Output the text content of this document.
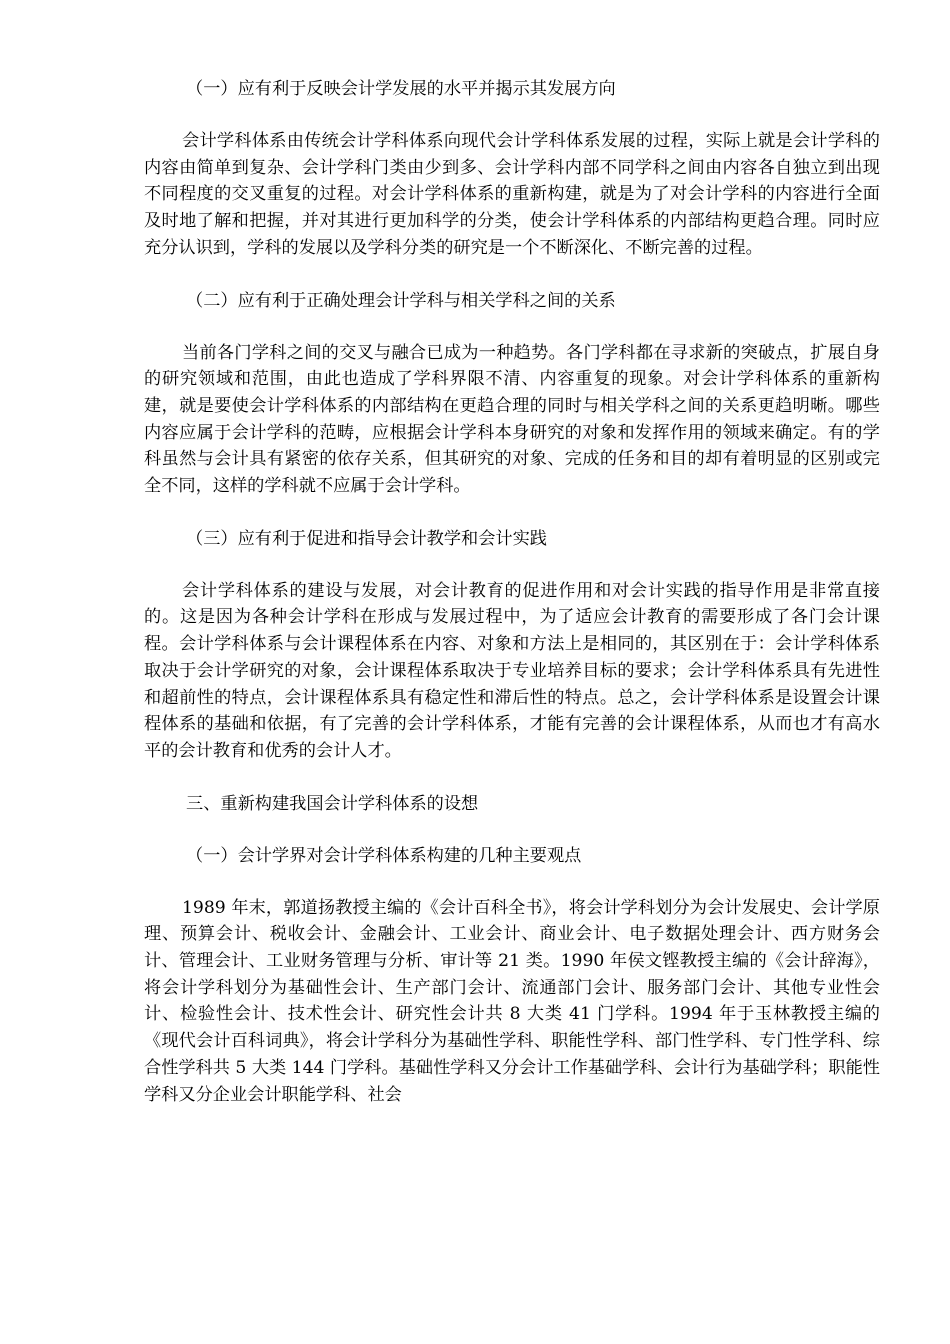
（一）应有利于反映会计学发展的水平并揭示其发展方向

会计学科体系由传统会计学科体系向现代会计学科体系发展的过程，实际上就是会计学科的内容由简单到复杂、会计学科门类由少到多、会计学科内部不同学科之间由内容各自独立到出现不同程度的交叉重复的过程。对会计学科体系的重新构建，就是为了对会计学科的内容进行全面及时地了解和把握，并对其进行更加科学的分类，使会计学科体系的内部结构更趋合理。同时应充分认识到，学科的发展以及学科分类的研究是一个不断深化、不断完善的过程。

（二）应有利于正确处理会计学科与相关学科之间的关系

当前各门学科之间的交叉与融合已成为一种趋势。各门学科都在寻求新的突破点，扩展自身的研究领域和范围，由此也造成了学科界限不清、内容重复的现象。对会计学科体系的重新构建，就是要使会计学科体系的内部结构在更趋合理的同时与相关学科之间的关系更趋明晰。哪些内容应属于会计学科的范畴，应根据会计学科本身研究的对象和发挥作用的领域来确定。有的学科虽然与会计具有紧密的依存关系，但其研究的对象、完成的任务和目的却有着明显的区别或完全不同，这样的学科就不应属于会计学科。

（三）应有利于促进和指导会计教学和会计实践

会计学科体系的建设与发展，对会计教育的促进作用和对会计实践的指导作用是非常直接的。这是因为各种会计学科在形成与发展过程中，为了适应会计教育的需要形成了各门会计课程。会计学科体系与会计课程体系在内容、对象和方法上是相同的，其区别在于：会计学科体系取决于会计学研究的对象，会计课程体系取决于专业培养目标的要求；会计学科体系具有先进性和超前性的特点，会计课程体系具有稳定性和滞后性的特点。总之，会计学科体系是设置会计课程体系的基础和依据，有了完善的会计学科体系，才能有完善的会计课程体系，从而也才有高水平的会计教育和优秀的会计人才。

三、重新构建我国会计学科体系的设想

（一）会计学界对会计学科体系构建的几种主要观点

1989 年末，郭道扬教授主编的《会计百科全书》，将会计学科划分为会计发展史、会计学原理、预算会计、税收会计、金融会计、工业会计、商业会计、电子数据处理会计、西方财务会计、管理会计、工业财务管理与分析、审计等 21 类。1990 年侯文铿教授主编的《会计辞海》，将会计学科划分为基础性会计、生产部门会计、流通部门会计、服务部门会计、其他专业性会计、检验性会计、技术性会计、研究性会计共 8 大类 41 门学科。1994 年于玉林教授主编的《现代会计百科词典》，将会计学科分为基础性学科、职能性学科、部门性学科、专门性学科、综合性学科共 5 大类 144 门学科。基础性学科又分会计工作基础学科、会计行为基础学科；职能性学科又分企业会计职能学科、社会
